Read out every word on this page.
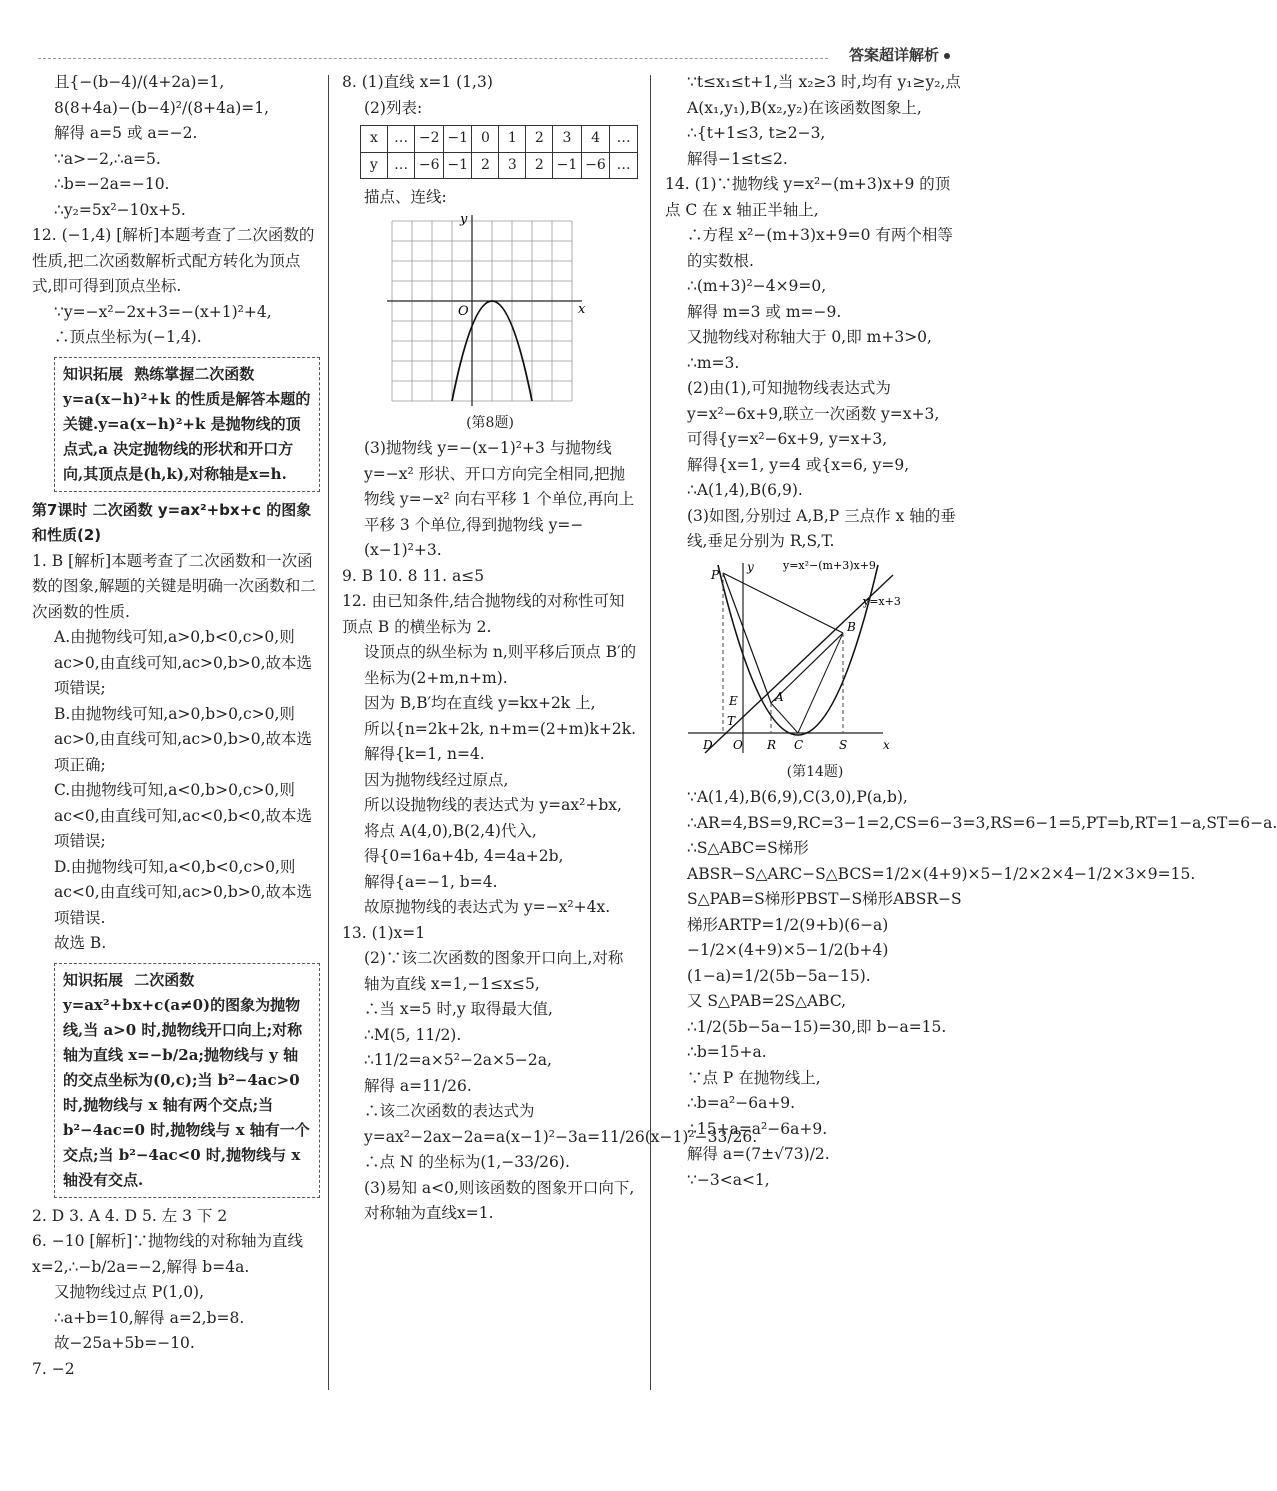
答案超详解析

且{−(b−4)/(4+2a)=1,

8(8+4a)−(b−4)²/(8+4a)=1,

解得 a=5 或 a=−2.

∵a>−2,∴a=5.

∴b=−2a=−10.

∴y₂=5x²−10x+5.

12. (−1,4) [解析]本题考查了二次函数的性质,把二次函数解析式配方转化为顶点式,即可得到顶点坐标.

∵y=−x²−2x+3=−(x+1)²+4,

∴顶点坐标为(−1,4).

知识拓展 熟练掌握二次函数 y=a(x−h)²+k 的性质是解答本题的关键.y=a(x−h)²+k 是抛物线的顶点式,a 决定抛物线的形状和开口方向,其顶点是(h,k),对称轴是x=h.

第7课时 二次函数 y=ax²+bx+c 的图象和性质(2)

1. B [解析]本题考查了二次函数和一次函数的图象,解题的关键是明确一次函数和二次函数的性质.

A.由抛物线可知,a>0,b<0,c>0,则 ac>0,由直线可知,ac>0,b>0,故本选项错误;

B.由抛物线可知,a>0,b>0,c>0,则 ac>0,由直线可知,ac>0,b>0,故本选项正确;

C.由抛物线可知,a<0,b>0,c>0,则 ac<0,由直线可知,ac<0,b<0,故本选项错误;

D.由抛物线可知,a<0,b<0,c>0,则 ac<0,由直线可知,ac>0,b>0,故本选项错误.

故选 B.

知识拓展 二次函数 y=ax²+bx+c(a≠0)的图象为抛物线,当 a>0 时,抛物线开口向上;对称轴为直线 x=−b/2a;抛物线与 y 轴的交点坐标为(0,c);当 b²−4ac>0 时,抛物线与 x 轴有两个交点;当 b²−4ac=0 时,抛物线与 x 轴有一个交点;当 b²−4ac<0 时,抛物线与 x 轴没有交点.

2. D 3. A 4. D 5. 左 3 下 2

6. −10 [解析]∵抛物线的对称轴为直线x=2,∴−b/2a=−2,解得 b=4a.

又抛物线过点 P(1,0),

∴a+b=10,解得 a=2,b=8.

故−25a+5b=−10.

7. −2

8. (1)直线 x=1 (1,3)

(2)列表:

x	…	−2	−1	0	1	2	3	4	…
y	…	−6	−1	2	3	2	−1	−6	…

描点、连线:

x
y
O

(第8题)

(3)抛物线 y=−(x−1)²+3 与抛物线 y=−x² 形状、开口方向完全相同,把抛物线 y=−x² 向右平移 1 个单位,再向上平移 3 个单位,得到抛物线 y=−(x−1)²+3.

9. B 10. 8 11. a≤5

12. 由已知条件,结合抛物线的对称性可知顶点 B 的横坐标为 2.

设顶点的纵坐标为 n,则平移后顶点 B′的坐标为(2+m,n+m).

因为 B,B′均在直线 y=kx+2k 上,

所以{n=2k+2k, n+m=(2+m)k+2k.

解得{k=1, n=4.

因为抛物线经过原点,

所以设抛物线的表达式为 y=ax²+bx,

将点 A(4,0),B(2,4)代入,

得{0=16a+4b, 4=4a+2b,

解得{a=−1, b=4.

故原抛物线的表达式为 y=−x²+4x.

13. (1)x=1

(2)∵该二次函数的图象开口向上,对称轴为直线 x=1,−1≤x≤5,

∴当 x=5 时,y 取得最大值,

∴M(5, 11/2).

∴11/2=a×5²−2a×5−2a,

解得 a=11/26.

∴该二次函数的表达式为 y=ax²−2ax−2a=a(x−1)²−3a=11/26(x−1)²−33/26.

∴点 N 的坐标为(1,−33/26).

(3)易知 a<0,则该函数的图象开口向下,对称轴为直线x=1.

∵t≤x₁≤t+1,当 x₂≥3 时,均有 y₁≥y₂,点 A(x₁,y₁),B(x₂,y₂)在该函数图象上,

∴{t+1≤3, t≥2−3,

解得−1≤t≤2.

14. (1)∵抛物线 y=x²−(m+3)x+9 的顶点 C 在 x 轴正半轴上,

∴方程 x²−(m+3)x+9=0 有两个相等的实数根.

∴(m+3)²−4×9=0,

解得 m=3 或 m=−9.

又抛物线对称轴大于 0,即 m+3>0,

∴m=3.

(2)由(1),可知抛物线表达式为 y=x²−6x+9,联立一次函数 y=x+3,

可得{y=x²−6x+9, y=x+3,

解得{x=1, y=4 或{x=6, y=9,

∴A(1,4),B(6,9).

(3)如图,分别过 A,B,P 三点作 x 轴的垂线,垂足分别为 R,S,T.

y=x²−(m+3)x+9
y=x+3
P
A
B
E
T
D O R C	S	x
y

(第14题)

∵A(1,4),B(6,9),C(3,0),P(a,b),

∴AR=4,BS=9,RC=3−1=2,CS=6−3=3,RS=6−1=5,PT=b,RT=1−a,ST=6−a.

∴S△ABC=S梯形ABSR−S△ARC−S△BCS=1/2×(4+9)×5−1/2×2×4−1/2×3×9=15.

S△PAB=S梯形PBST−S梯形ABSR−S梯形ARTP=1/2(9+b)(6−a)−1/2×(4+9)×5−1/2(b+4)(1−a)=1/2(5b−5a−15).

又 S△PAB=2S△ABC,

∴1/2(5b−5a−15)=30,即 b−a=15.

∴b=15+a.

∵点 P 在抛物线上,

∴b=a²−6a+9.

∴15+a=a²−6a+9.

解得 a=(7±√73)/2.

∵−3<a<1,
